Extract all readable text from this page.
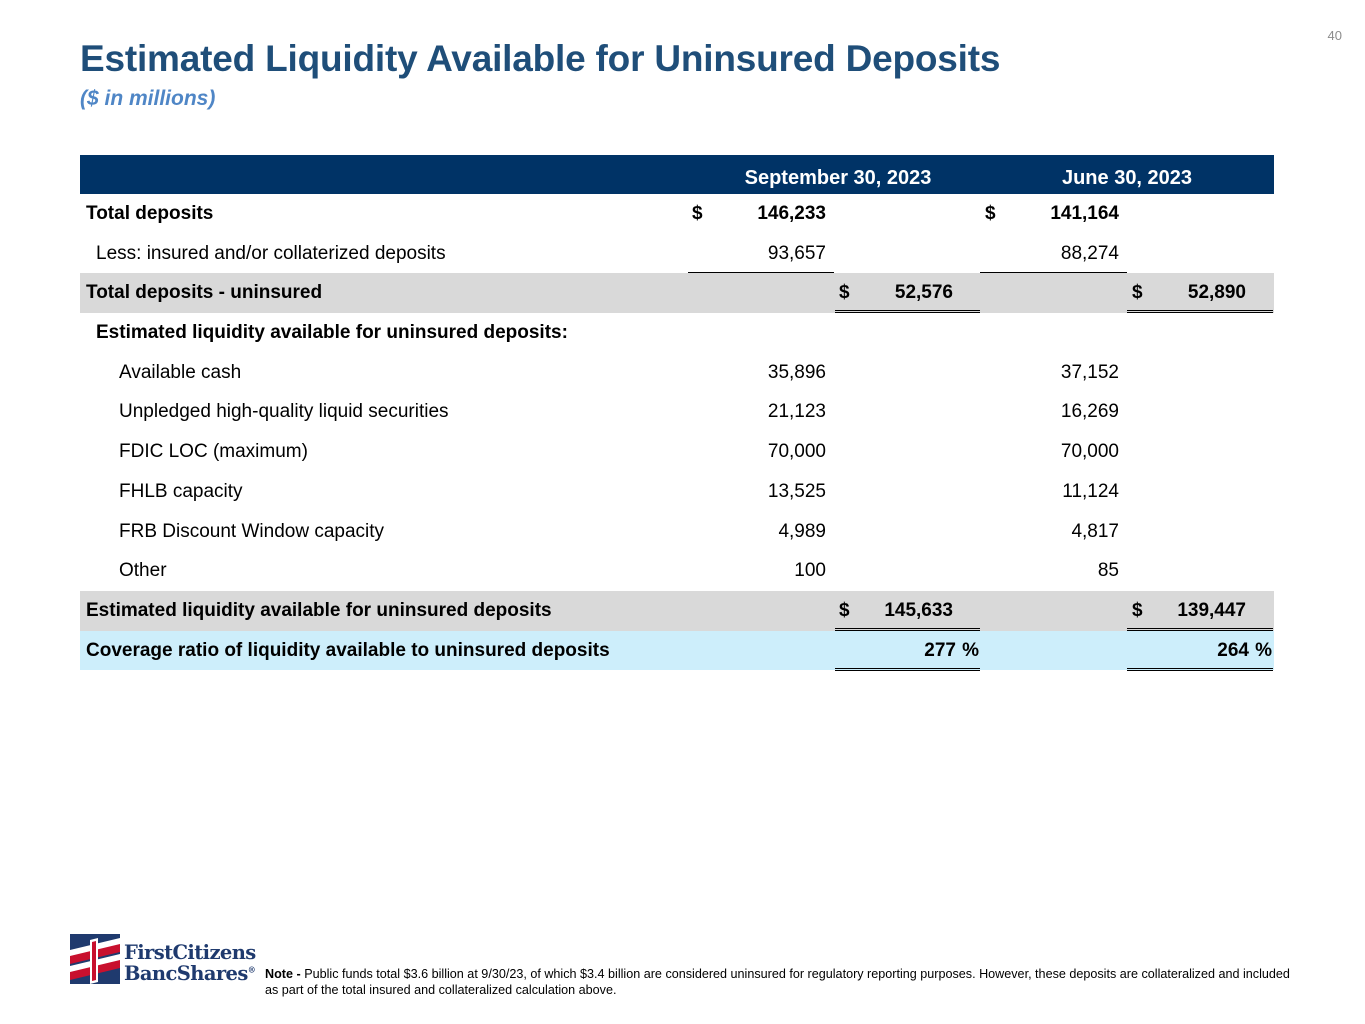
40
Estimated Liquidity Available for Uninsured Deposits
($ in millions)
September 30, 2023	June 30, 2023
Total deposits	$	146,233	$	141,164
Less: insured and/or collaterized deposits	93,657	88,274
Total deposits - uninsured	$ 52,576	$ 52,890
Estimated liquidity available for uninsured deposits:
Available cash	35,896	37,152
Unpledged high-quality liquid securities	21,123	16,269
FDIC LOC (maximum)	70,000	70,000
FHLB capacity	13,525	11,124
FRB Discount Window capacity	4,989	4,817
Other	100	85
Estimated liquidity available for uninsured deposits	$ 145,633	$ 139,447
Coverage ratio of liquidity available to uninsured deposits	277 %	264 %
FirstCitizens
BancShares® Note - Public funds total $3.6 billion at 9/30/23, of which $3.4 billion are considered uninsured for regulatory reporting purposes. However, these deposits are collateralized and included as part of the total insured and collateralized calculation above.
